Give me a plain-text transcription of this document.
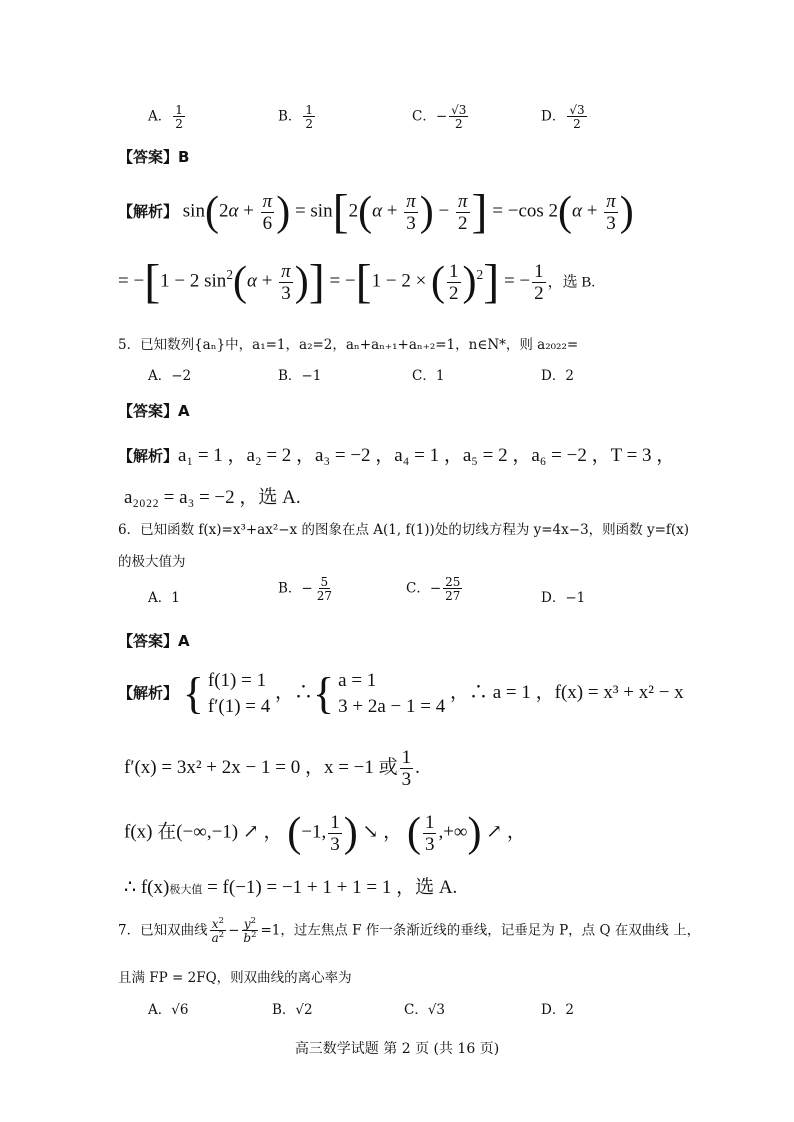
A． $\frac{1}{2}$	B． $\frac{1}{2}$	C．− $\frac{√3}{2}$	D． $\frac{√3}{2}$
【答案】B
【解析】 $\sin(2\alpha + \frac{\pi}{6}$ ) = $\sin[2(\alpha + \frac{\pi}{3}$ ) − $\frac{\pi}{2}$ ] = −cos $2(\alpha + \frac{\pi}{3}$ )
= −[1 − 2 $\sin^2(\alpha + \frac{\pi}{3}$ )] = −[1 − 2 × ( $\frac{1}{2} )^2$] = − $\frac{1}{2}$ ，选 B.
5．已知数列{aₙ}中，a₁=1，a₂=2，aₙ+aₙ₊₁+aₙ₊₂=1，n∈N*，则 a₂₀₂₂=
A．−2	B．−1	C．1	D．2
【答案】A
【解析】a₁ = 1 ，a₂ = 2 ，a₃ = −2 ，a₄ = 1 ，a₅ = 2 ，a₆ = −2 ，T = 3 ，
a₂₀₂₂ = a₃ = −2 ，选 A.
6．已知函数 f(x)=x³+ax²−x 的图象在点 A(1, f(1))处的切线方程为 y=4x−3，则函数 y=f(x)
的极大值为
A．1
B．− $\frac{5}{27}$	C．− $\frac{25}{27}$	D．−1
【答案】A
【解析】 { f(1) = 1
f′(1) = 4
，∴ { a = 1
3 + 2a − 1 = 4
，∴ a = 1 ，f(x) = x³ + x² − x
f′(x) = 3x² + 2x − 1 = 0 ，x = −1 或 $\frac{1}{3}$ .
f(x) 在(−∞,−1) ↗ ， (−1, $\frac{1}{3}$ ) ↘ ， ( $\frac{1}{3}$ ,+∞) ↗ ，
∴ f(x)极大值 = f(−1) = −1 + 1 + 1 = 1 ，选 A.
7．已知双曲线 $\frac{x^2}{a^2} - \frac{y^2}{b^2} =1$，过左焦点 F 作一条渐近线的垂线，记垂足为 P，点 Q 在双曲线 上，
且满 FP = 2FQ，则双曲线的离心率为
A．√6	B．√2	C．√3	D．2
高三数学试题 第 2 页 (共 16 页)
